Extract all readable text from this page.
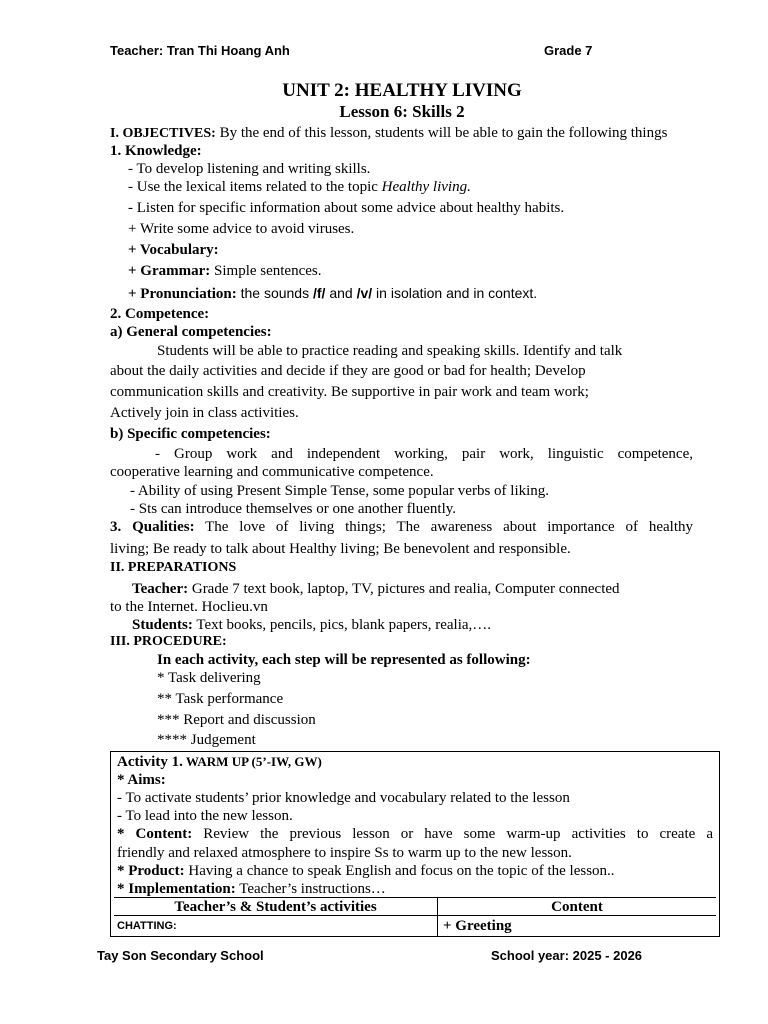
Teacher: Tran Thi Hoang Anh	Grade 7
UNIT 2: HEALTHY LIVING
Lesson 6: Skills 2
I. OBJECTIVES: By the end of this lesson, students will be able to gain the following things
1. Knowledge:
- To develop listening and writing skills.
- Use the lexical items related to the topic Healthy living.
- Listen for specific information about some advice about healthy habits.
+ Write some advice to avoid viruses.
+ Vocabulary:
+ Grammar: Simple sentences.
+ Pronunciation: the sounds /f/ and /v/ in isolation and in context.
2. Competence:
a) General competencies:
Students will be able to practice reading and speaking skills. Identify and talk
about the daily activities and decide if they are good or bad for health; Develop
communication skills and creativity. Be supportive in pair work and team work;
Actively join in class activities.
b) Specific competencies:
- Group work and independent working, pair work, linguistic competence,
cooperative learning and communicative competence.
- Ability of using Present Simple Tense, some popular verbs of liking.
- Sts can introduce themselves or one another fluently.
3. Qualities: The love of living things; The awareness about importance of healthy
living; Be ready to talk about Healthy living; Be benevolent and responsible.
II. PREPARATIONS
Teacher: Grade 7 text book, laptop, TV, pictures and realia, Computer connected
to the Internet. Hoclieu.vn
Students: Text books, pencils, pics, blank papers, realia,….
III. PROCEDURE:
In each activity, each step will be represented as following:
* Task delivering
** Task performance
*** Report and discussion
**** Judgement
Activity 1. WARM UP (5’-IW, GW)
* Aims:
- To activate students’ prior knowledge and vocabulary related to the lesson
- To lead into the new lesson.
* Content: Review the previous lesson or have some warm-up activities to create a
friendly and relaxed atmosphere to inspire Ss to warm up to the new lesson.
* Product: Having a chance to speak English and focus on the topic of the lesson..
* Implementation: Teacher’s instructions…
Teacher’s & Student’s activities	Content
CHATTING:	+ Greeting
Tay Son Secondary School	School year: 2025 - 2026
